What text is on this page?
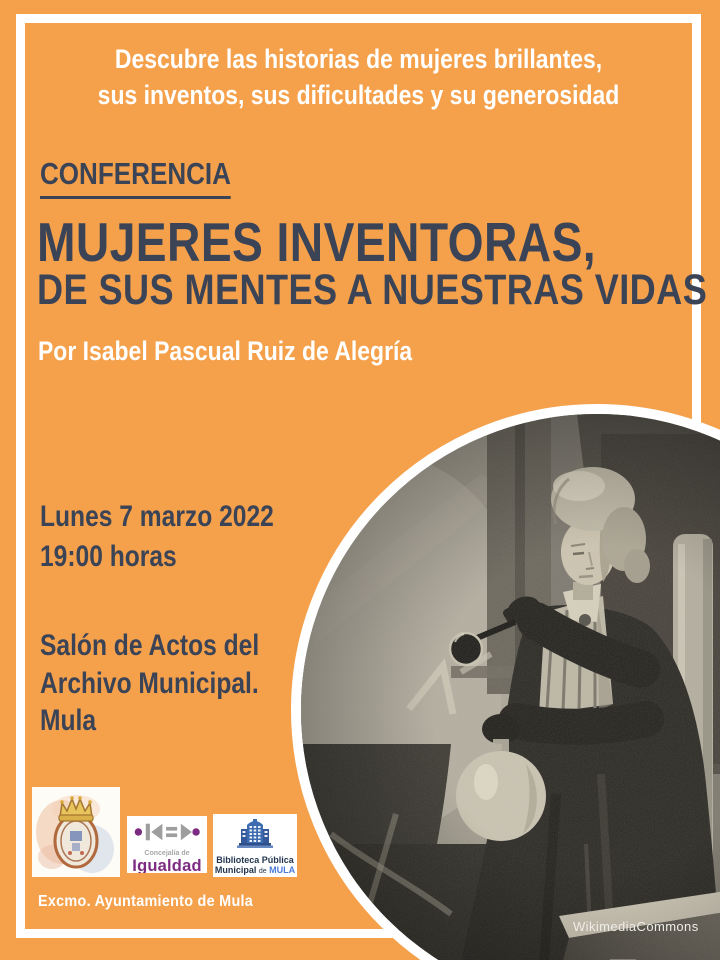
Descubre las historias de mujeres brillantes,
sus inventos, sus dificultades y su generosidad
CONFERENCIA
MUJERES INVENTORAS,
DE SUS MENTES A NUESTRAS VIDAS
Por Isabel Pascual Ruiz de Alegría
Lunes 7 marzo 2022
19:00 horas
Salón de Actos del
Archivo Municipal.
Mula
Concejalía de
Igualdad	Biblioteca Pública
Municipal de MULA
Excmo. Ayuntamiento de Mula
WikimediaCommons
